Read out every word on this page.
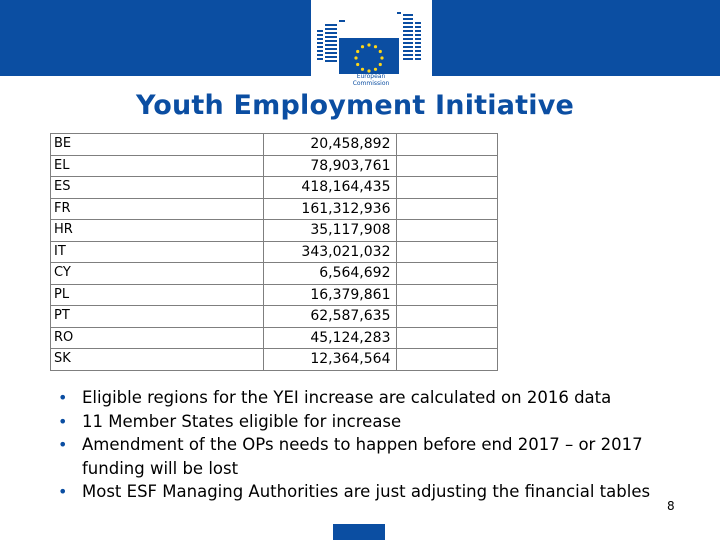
European
Commission
Youth Employment Initiative
BE	20,458,892	
EL	78,903,761	
ES	418,164,435	
FR	161,312,936	
HR	35,117,908	
IT	343,021,032	
CY	6,564,692	
PL	16,379,861	
PT	62,587,635	
RO	45,124,283	
SK	12,364,564	
• Eligible regions for the YEI increase are calculated on 2016 data
• 11 Member States eligible for increase
• Amendment of the OPs needs to happen before end 2017 – or 2017 funding will be lost
• Most ESF Managing Authorities are just adjusting the financial tables
8
